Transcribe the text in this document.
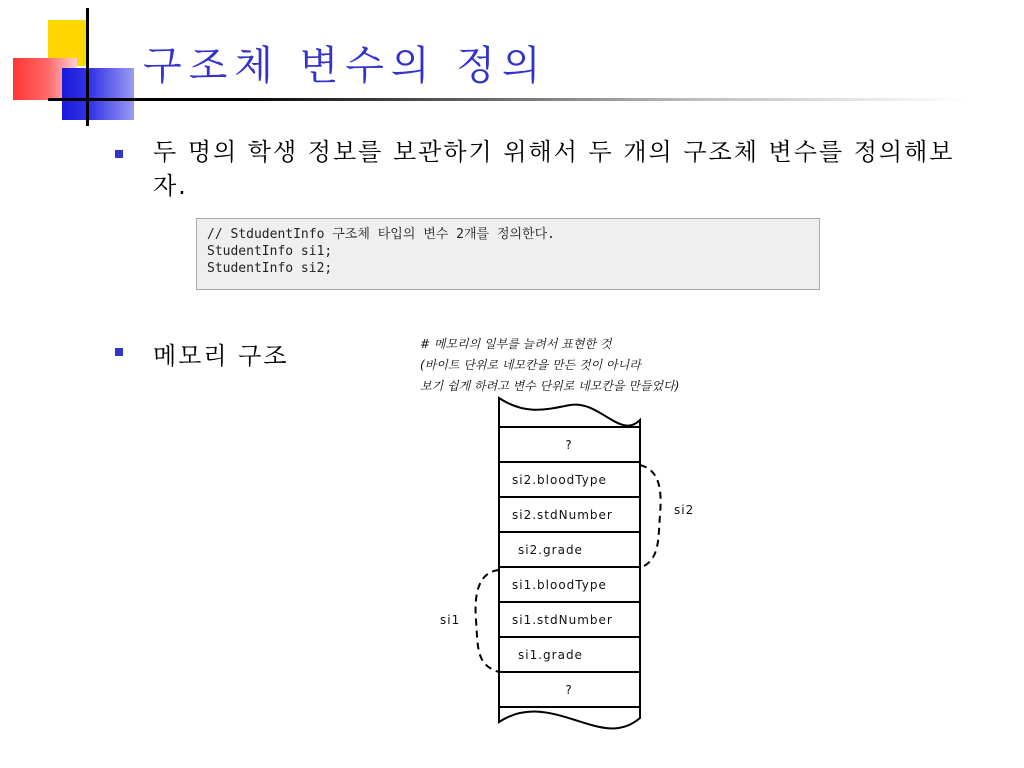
구조체 변수의 정의
두 명의 학생 정보를 보관하기 위해서 두 개의 구조체 변수를 정의해보자.
// StdudentInfo 구조체 타입의 변수 2개를 정의한다.
StudentInfo si1;
StudentInfo si2;
메모리 구조	# 메모리의 일부를 늘려서 표현한 것
(바이트 단위로 네모칸을 만든 것이 아니라
보기 쉽게 하려고 변수 단위로 네모칸을 만들었다)
?
si2.bloodType
si2.stdNumber
si2.grade
si1.bloodType
si1.stdNumber
si1.grade
?
si2
si1
